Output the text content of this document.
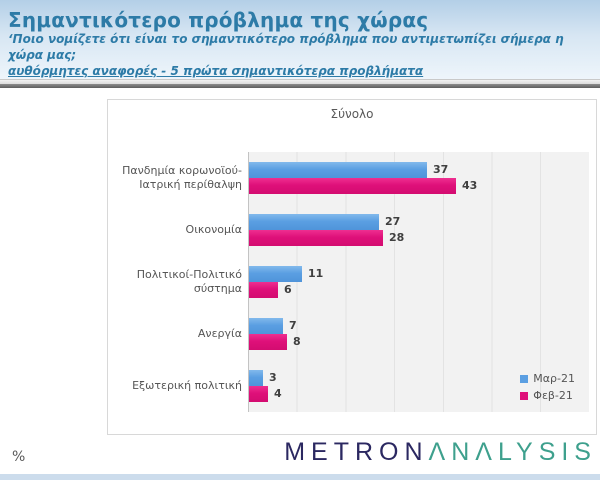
Σημαντικότερο πρόβλημα της χώρας
‘Ποιο νομίζετε ότι είναι το σημαντικότερο πρόβλημα που αντιμετωπίζει σήμερα η χώρα μας;
αυθόρμητες αναφορές - 5 πρώτα σημαντικότερα προβλήματα
Σύνολο
Πανδημία κορωνοϊού-Ιατρική περίθαλψη
Οικονομία
Πολιτικοί-Πολιτικό σύστημα
Ανεργία
Εξωτερική πολιτική
Μαρ-21
Φεβ-21
37
43
27
28
11
6
7
8
3
4
%	METRONΛNΛLYSIS
